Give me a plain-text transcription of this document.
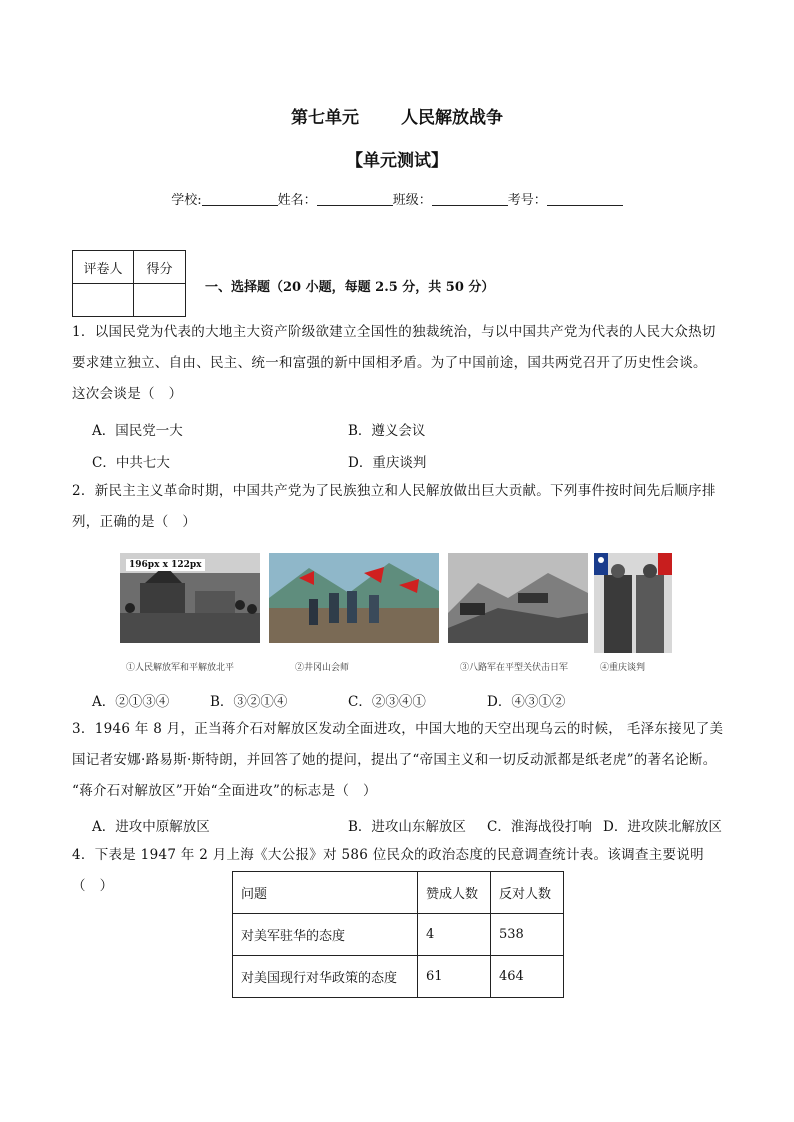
第七单元 人民解放战争
【单元测试】
学校:	姓名：	班级：	考号：
评卷人	得分

一、选择题（20 小题，每题 2.5 分，共 50 分）
1．以国民党为代表的大地主大资产阶级欲建立全国性的独裁统治，与以中国共产党为代表的人民大众热切
要求建立独立、自由、民主、统一和富强的新中国相矛盾。为了中国前途，国共两党召开了历史性会谈。
这次会谈是（　）
A．国民党一大	B．遵义会议
C．中共七大	D．重庆谈判
2．新民主主义革命时期，中国共产党为了民族独立和人民解放做出巨大贡献。下列事件按时间先后顺序排
列，正确的是（　）
196px x 122px
①人民解放军和平解放北平	②井冈山会师	③八路军在平型关伏击日军	④重庆谈判
A．②①③④	B．③②①④	C．②③④①	D．④③①②
3．1946 年 8 月，正当蒋介石对解放区发动全面进攻，中国大地的天空出现乌云的时候， 毛泽东接见了美
国记者安娜·路易斯·斯特朗，并回答了她的提问，提出了“帝国主义和一切反动派都是纸老虎”的著名论断。
“蒋介石对解放区”开始“全面进攻”的标志是（　）
A．进攻中原解放区	B．进攻山东解放区 C．淮海战役打响 D．进攻陕北解放区
4．下表是 1947 年 2 月上海《大公报》对 586 位民众的政治态度的民意调查统计表。该调查主要说明（　）
问题	赞成人数	反对人数
对美军驻华的态度	4	538
对美国现行对华政策的态度	61	464
